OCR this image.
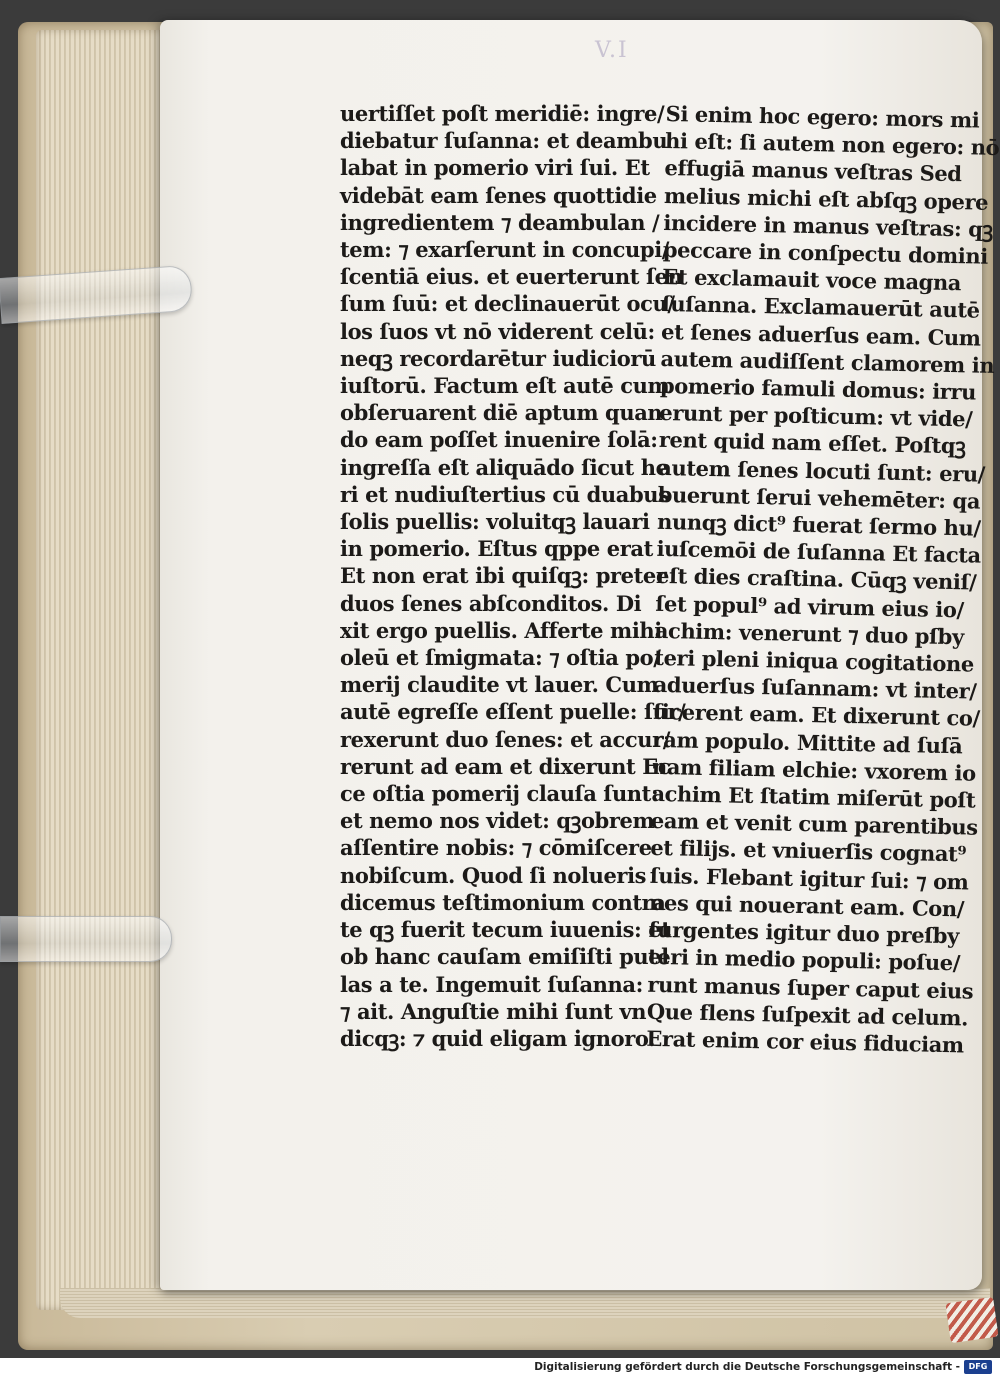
V.I
uertiſſet poſt meridiē: ingre/
diebatur ſuſanna: et deambu
labat in pomerio viri ſui. Et
videbāt eam ſenes quottidie
ingredientem ⁊ deambulan /
tem: ⁊ exarſerunt in concupi/
ſcentiā eius. et euerterunt ſen
ſum ſuū: et declinauerūt ocu/
los ſuos vt nō viderent celū:
neqꝫ recordarētur iudiciorū
iuſtorū. Factum eſt autē cum
obſeruarent diē aptum quan
do eam poſſet inuenire ſolā:
ingreſſa eſt aliquādo ſicut he
ri et nudiuſtertius cū duabus
ſolis puellis: voluitqꝫ lauari
in pomerio. Eſtus qppe erat
Et non erat ibi quiſqꝫ: preter
duos ſenes abſconditos. Di
xit ergo puellis. Afferte mihi
oleū et ſmigmata: ⁊ oſtia po/
merij claudite vt lauer. Cum
autē egreſſe eſſent puelle: ſur/
rexerunt duo ſenes: et accur/
rerunt ad eam et dixerunt Ec
ce oſtia pomerij clauſa ſunt:
et nemo nos videt: qꝫobrem
aſſentire nobis: ⁊ cōmiſcere
nobiſcum. Quod ſi nolueris
dicemus teſtimonium contra
te qꝫ fuerit tecum iuuenis: et
ob hanc cauſam emiſiſti puel
las a te. Ingemuit ſuſanna:
⁊ ait. Anguſtie mihi ſunt vn
dicqꝫ: ⁊ quid eligam ignoro.
Si enim hoc egero: mors mi
hi eſt: ſi autem non egero: nō
effugiā manus veſtras Sed
melius michi eſt abſqꝫ opere
incidere in manus veſtras: qꝫ
peccare in conſpectu domini
Et exclamauit voce magna
ſuſanna. Exclamauerūt autē
et ſenes aduerſus eam. Cum
autem audiſſent clamorem in
pomerio famuli domus: irru
erunt per poſticum: vt vide/
rent quid nam eſſet. Poſtqꝫ
autem ſenes locuti ſunt: eru/
buerunt ſerui vehemēter: qa
nunqꝫ dict⁹ fuerat ſermo hu/
iuſcemōi de ſuſanna Et facta
eſt dies craſtina. Cūqꝫ veniſ/
ſet popul⁹ ad virum eius io/
achim: venerunt ⁊ duo pſby
teri pleni iniqua cogitatione
aduerſus ſuſannam: vt inter/
ficerent eam. Et dixerunt co/
ram populo. Mittite ad ſuſā
nam filiam elchie: vxorem io
achim Et ſtatim miſerūt poſt
eam et venit cum parentibus
et filijs. et vniuerſis cognat⁹
ſuis. Flebant igitur ſui: ⁊ om
nes qui nouerant eam. Con/
ſurgentes igitur duo preſby
teri in medio populi: poſue/
runt manus ſuper caput eius
Que flens ſuſpexit ad celum.
Erat enim cor eius fiduciam
Digitalisierung gefördert durch die Deutsche Forschungsgemeinschaft -	DFG
